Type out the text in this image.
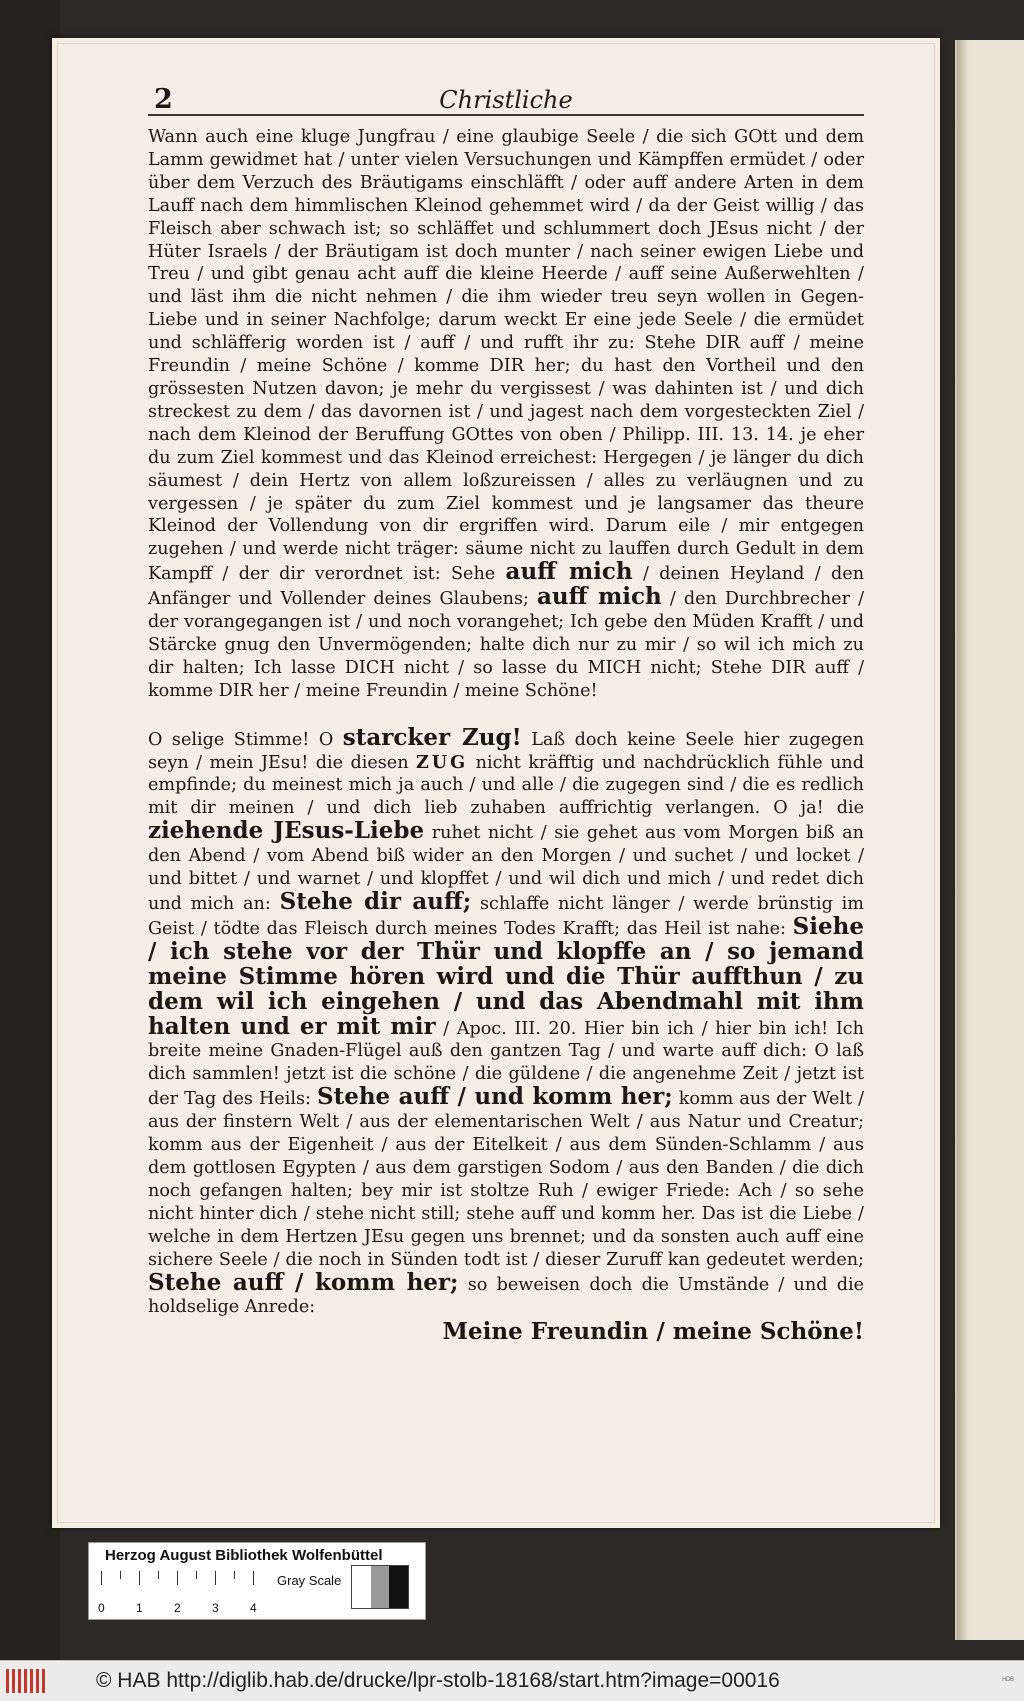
2	Christliche

Wann auch eine kluge Jungfrau / eine glaubige Seele / die sich GOtt und dem Lamm gewidmet hat / unter vielen Versuchungen und Kämpffen ermüdet / oder über dem Verzuch des Bräutigams einschläfft / oder auff andere Arten in dem Lauff nach dem himmlischen Kleinod gehemmet wird / da der Geist willig / das Fleisch aber schwach ist; so schläffet und schlummert doch JEsus nicht / der Hüter Israels / der Bräutigam ist doch munter / nach seiner ewigen Liebe und Treu / und gibt genau acht auff die kleine Heerde / auff seine Außerwehlten / und läst ihm die nicht nehmen / die ihm wieder treu seyn wollen in Gegen-Liebe und in seiner Nachfolge; darum weckt Er eine jede Seele / die ermüdet und schläfferig worden ist / auff / und rufft ihr zu: Stehe DIR auff / meine Freundin / meine Schöne / komme DIR her; du hast den Vortheil und den grössesten Nutzen davon; je mehr du vergissest / was dahinten ist / und dich streckest zu dem / das davornen ist / und jagest nach dem vorgesteckten Ziel / nach dem Kleinod der Beruffung GOttes von oben / Philipp. III. 13. 14. je eher du zum Ziel kommest und das Kleinod erreichest: Hergegen / je länger du dich säumest / dein Hertz von allem loßzureissen / alles zu verläugnen und zu vergessen / je später du zum Ziel kommest und je langsamer das theure Kleinod der Vollendung von dir ergriffen wird. Darum eile / mir entgegen zugehen / und werde nicht träger: säume nicht zu lauffen durch Gedult in dem Kampff / der dir verordnet ist: Sehe auff mich / deinen Heyland / den Anfänger und Vollender deines Glaubens; auff mich / den Durchbrecher / der vorangegangen ist / und noch vorangehet; Ich gebe den Müden Krafft / und Stärcke gnug den Unvermögenden; halte dich nur zu mir / so wil ich mich zu dir halten; Ich lasse DICH nicht / so lasse du MICH nicht; Stehe DIR auff / komme DIR her / meine Freundin / meine Schöne!

O selige Stimme! O starcker Zug! Laß doch keine Seele hier zugegen seyn / mein JEsu! die diesen ZUG nicht kräfftig und nachdrücklich fühle und empfinde; du meinest mich ja auch / und alle / die zugegen sind / die es redlich mit dir meinen / und dich lieb zuhaben auffrichtig verlangen. O ja! die ziehende JEsus-Liebe ruhet nicht / sie gehet aus vom Morgen biß an den Abend / vom Abend biß wider an den Morgen / und suchet / und locket / und bittet / und warnet / und klopffet / und wil dich und mich / und redet dich und mich an: Stehe dir auff; schlaffe nicht länger / werde brünstig im Geist / tödte das Fleisch durch meines Todes Krafft; das Heil ist nahe: Siehe / ich stehe vor der Thür und klopffe an / so jemand meine Stimme hören wird und die Thür auffthun / zu dem wil ich eingehen / und das Abendmahl mit ihm halten und er mit mir / Apoc. III. 20. Hier bin ich / hier bin ich! Ich breite meine Gnaden-Flügel auß den gantzen Tag / und warte auff dich: O laß dich sammlen! jetzt ist die schöne / die güldene / die angenehme Zeit / jetzt ist der Tag des Heils: Stehe auff / und komm her; komm aus der Welt / aus der finstern Welt / aus der elementarischen Welt / aus Natur und Creatur; komm aus der Eigenheit / aus der Eitelkeit / aus dem Sünden-Schlamm / aus dem gottlosen Egypten / aus dem garstigen Sodom / aus den Banden / die dich noch gefangen halten; bey mir ist stoltze Ruh / ewiger Friede: Ach / so sehe nicht hinter dich / stehe nicht still; stehe auff und komm her. Das ist die Liebe / welche in dem Hertzen JEsu gegen uns brennet; und da sonsten auch auff eine sichere Seele / die noch in Sünden todt ist / dieser Zuruff kan gedeutet werden; Stehe auff / komm her; so beweisen doch die Umstände / und die holdselige Anrede:

Meine Freundin / meine Schöne!
Herzog August Bibliothek Wolfenbüttel
0	1	2	3	4
Gray Scale
© HAB http://diglib.hab.de/drucke/lpr-stolb-18168/start.htm?image=00016	ᴴᴰᴮ
